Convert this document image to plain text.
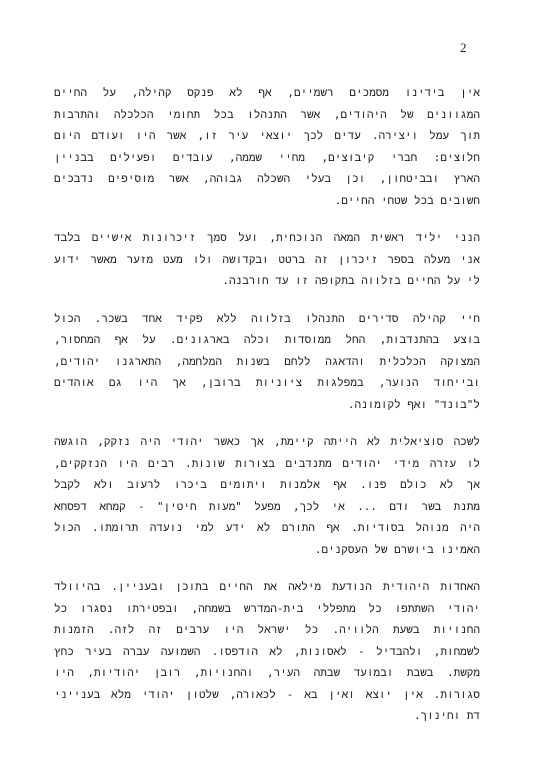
2
אין בידינו מסמכים רשמיים, אף לא פנקס קהילה, על החיים
המגוונים של היהודים, אשר התנהלו בכל תחומי הכלכלה והתרבות
תוך עמל ויצירה. עדים לכך יוצאי עיר זו, אשר היו ועודם היום
חלוצים: חברי קיבוצים, מחיי שממה, עובדים ופעילים בבניין
הארץ ובביטחון, וכן בעלי השכלה גבוהה, אשר מוסיפים נדבכים
חשובים בכל שטחי החיים.
הנני יליד ראשית המאה הנוכחית, ועל סמך זיכרונות אישיים בלבד
אני מעלה בספר זיכרון זה ברטט ובקדושה ולו מעט מזער מאשר ידוע
לי על החיים בזלווה בתקופה זו עד חורבנה.
חיי קהילה סדירים התנהלו בזלווה ללא פקיד אחד בשכר. הכול
בוצע בהתנדבות, החל ממוסדות וכלה בארגונים. על אף המחסור,
המצוקה הכלכלית והדאגה ללחם בשנות המלחמה, התארגנו יהודים,
ובייחוד הנוער, במפלגות ציוניות ברובן, אך היו גם אוהדים
ל"בונד" ואף לקומונה.
לשכה סוציאלית לא הייתה קיימת, אך כאשר יהודי היה נזקק, הוגשה
לו עזרה מידי יהודים מתנדבים בצורות שונות. רבים היו הנזקקים,
אך לא כולם פנו. אף אלמנות ויתומים ביכרו לרעוב ולא לקבל
מתנת בשר ודם ... אי לכך, מפעל "מעות חיטין" - קמחא דפסחא
היה מנוהל בסודיות. אף התורם לא ידע למי נועדה תרומתו. הכול
האמינו ביושרם של העסקנים.
האחדות היהודית הנודעת מילאה את החיים בתוכן ובעניין. בהיוולד
יהודי השתתפו כל מתפללי בית-המדרש בשמחה, ובפטירתו נסגרו כל
החנויות בשעת הלוויה. כל ישראל היו ערבים זה לזה. הזמנות
לשמחות, ולהבדיל - לאסונות, לא הודפסו. השמועה עברה בעיר כחץ
מקשת. בשבת ובמועד שבתה העיר, והחנויות, רובן יהודיות, היו
סגורות. אין יוצא ואין בא - לכאורה, שלטון יהודי מלא בענייני
דת וחינוך.
